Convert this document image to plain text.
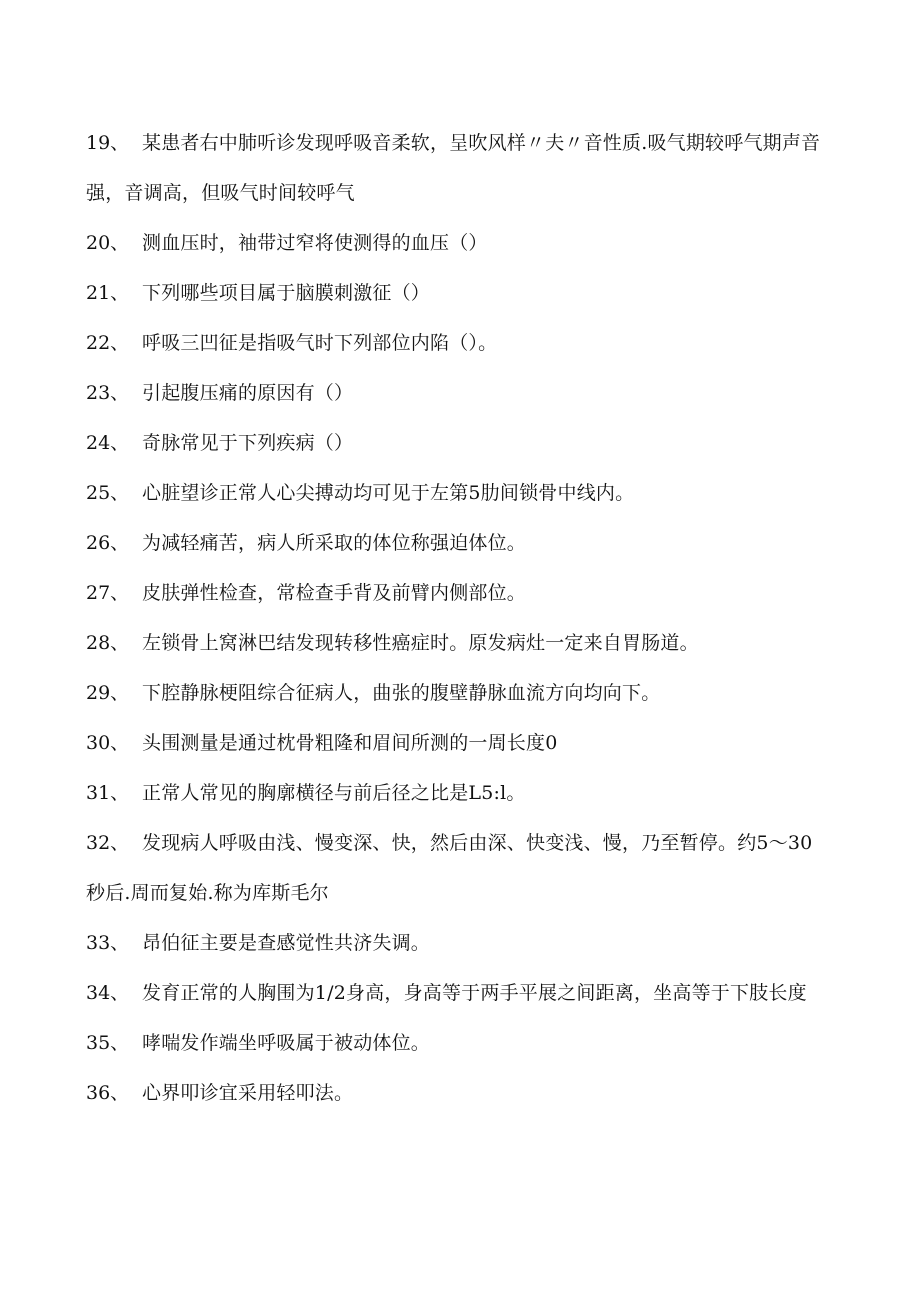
19、 某患者右中肺听诊发现呼吸音柔软，呈吹风样〃夫〃音性质.吸气期较呼气期声音强，音调高，但吸气时间较呼气
20、 测血压时，袖带过窄将使测得的血压（）
21、 下列哪些项目属于脑膜刺激征（）
22、 呼吸三凹征是指吸气时下列部位内陷（）。
23、 引起腹压痛的原因有（）
24、 奇脉常见于下列疾病（）
25、 心脏望诊正常人心尖搏动均可见于左第5肋间锁骨中线内。
26、 为减轻痛苦，病人所采取的体位称强迫体位。
27、 皮肤弹性检查，常检查手背及前臂内侧部位。
28、 左锁骨上窝淋巴结发现转移性癌症时。原发病灶一定来自胃肠道。
29、 下腔静脉梗阻综合征病人，曲张的腹壁静脉血流方向均向下。
30、 头围测量是通过枕骨粗隆和眉间所测的一周长度0
31、 正常人常见的胸廓横径与前后径之比是L5:l。
32、 发现病人呼吸由浅、慢变深、快，然后由深、快变浅、慢，乃至暂停。约5～30秒后.周而复始.称为库斯毛尔
33、 昂伯征主要是查感觉性共济失调。
34、 发育正常的人胸围为1/2身高，身高等于两手平展之间距离，坐高等于下肢长度
35、 哮喘发作端坐呼吸属于被动体位。
36、 心界叩诊宜采用轻叩法。
